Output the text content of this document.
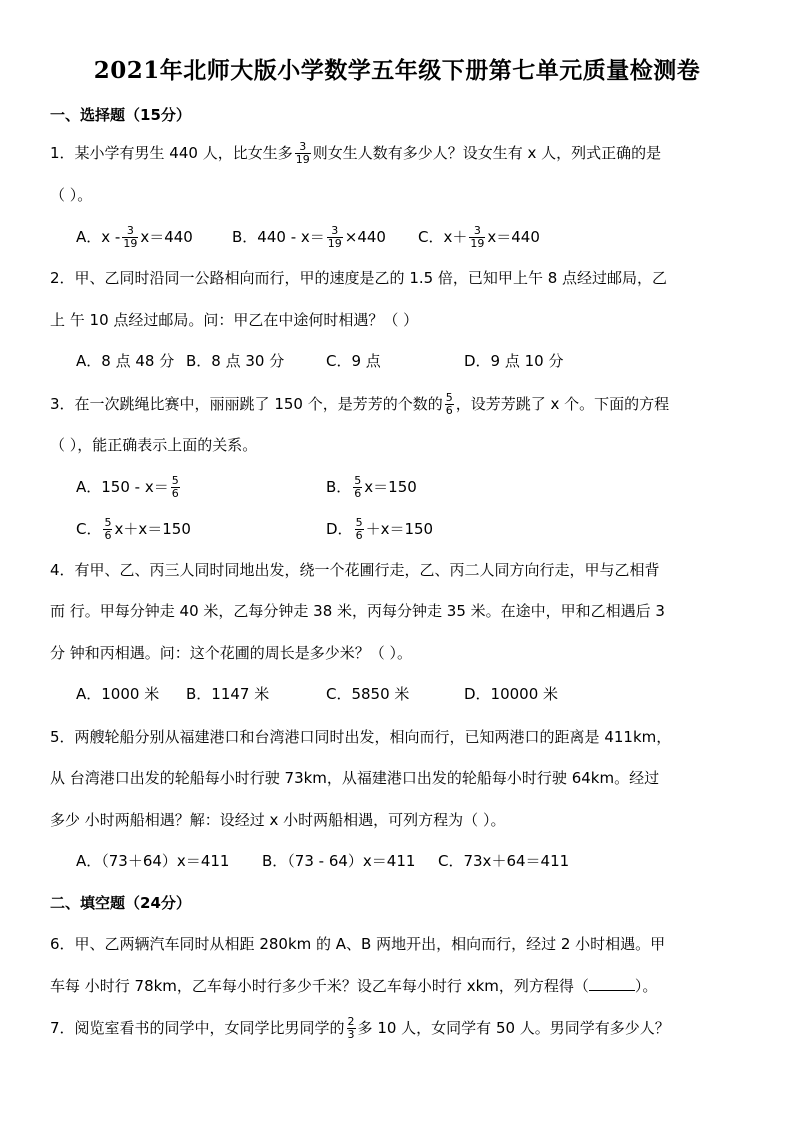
2021年北师大版小学数学五年级下册第七单元质量检测卷
一、选择题（15分）
1．某小学有男生 440 人，比女生多 $\frac{3}{19}$ 则女生人数有多少人？设女生有 x 人，列式正确的是
（ ）。
A．$x - \frac{3}{19} x=440$	B．$440 - x= \frac{3}{19} \times 440$ C．$x+ \frac{3}{19} x=440$
2．甲、乙同时沿同一公路相向而行，甲的速度是乙的 1.5 倍，已知甲上午 8 点经过邮局，乙
上 午 10 点经过邮局。问：甲乙在中途何时相遇？（ ）
A．8 点 48 分 B．8 点 30 分	C．9 点	D．9 点 10 分
3．在一次跳绳比赛中，丽丽跳了 150 个，是芳芳的个数的 $\frac{5}{6}$ ，设芳芳跳了 x 个。下面的方程
（ ），能正确表示上面的关系。
A．$150 - x= \frac{5}{6}$	B． $\frac{5}{6} x=150$
C． $\frac{5}{6} x+x=150$	D． $\frac{5}{6} +x=150$
4．有甲、乙、丙三人同时同地出发，绕一个花圃行走，乙、丙二人同方向行走，甲与乙相背
而 行。甲每分钟走 40 米，乙每分钟走 38 米，丙每分钟走 35 米。在途中，甲和乙相遇后 3
分 钟和丙相遇。问：这个花圃的周长是多少米？（ ）。
A．1000 米 B．1147 米	C．5850 米	D．10000 米
5．两艘轮船分别从福建港口和台湾港口同时出发，相向而行，已知两港口的距离是 411km，
从 台湾港口出发的轮船每小时行驶 73km，从福建港口出发的轮船每小时行驶 64km。经过
多少 小时两船相遇？解：设经过 x 小时两船相遇，可列方程为（ ）。
A．（73＋64）x＝411 B．（73 - 64）x＝411 C．73x＋64＝411
二、填空题（24分）
6．甲、乙两辆汽车同时从相距 280km 的 A、B 两地开出，相向而行，经过 2 小时相遇。甲
车每 小时行 78km，乙车每小时行多少千米？设乙车每小时行 xkm，列方程得（	）。
7．阅览室看书的同学中，女同学比男同学的 $\frac{2}{3}$ 多 10 人，女同学有 50 人。男同学有多少人？
